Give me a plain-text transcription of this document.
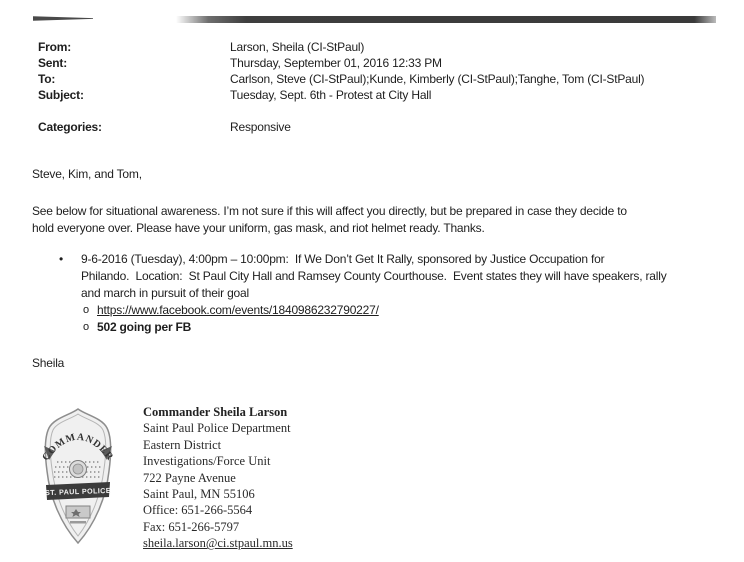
From:	Larson, Sheila (CI-StPaul)
Sent:	Thursday, September 01, 2016 12:33 PM
To:	Carlson, Steve (CI-StPaul);Kunde, Kimberly (CI-StPaul);Tanghe, Tom (CI-StPaul)
Subject:	Tuesday, Sept. 6th - Protest at City Hall
Categories:	Responsive
Steve, Kim, and Tom,
See below for situational awareness. I’m not sure if this will affect you directly, but be prepared in case they decide to
hold everyone over. Please have your uniform, gas mask, and riot helmet ready. Thanks.
•	9-6-2016 (Tuesday), 4:00pm – 10:00pm:  If We Don’t Get It Rally, sponsored by Justice Occupation for
Philando.  Location:  St Paul City Hall and Ramsey County Courthouse.  Event states they will have speakers, rally
and march in pursuit of their goal
o https://www.facebook.com/events/1840986232790227/
o 502 going per FB
Sheila
COMMANDER
ST. PAUL POLICE
Commander Sheila Larson
Saint Paul Police Department
Eastern District
Investigations/Force Unit
722 Payne Avenue
Saint Paul, MN 55106
Office: 651-266-5564
Fax: 651-266-5797
sheila.larson@ci.stpaul.mn.us
